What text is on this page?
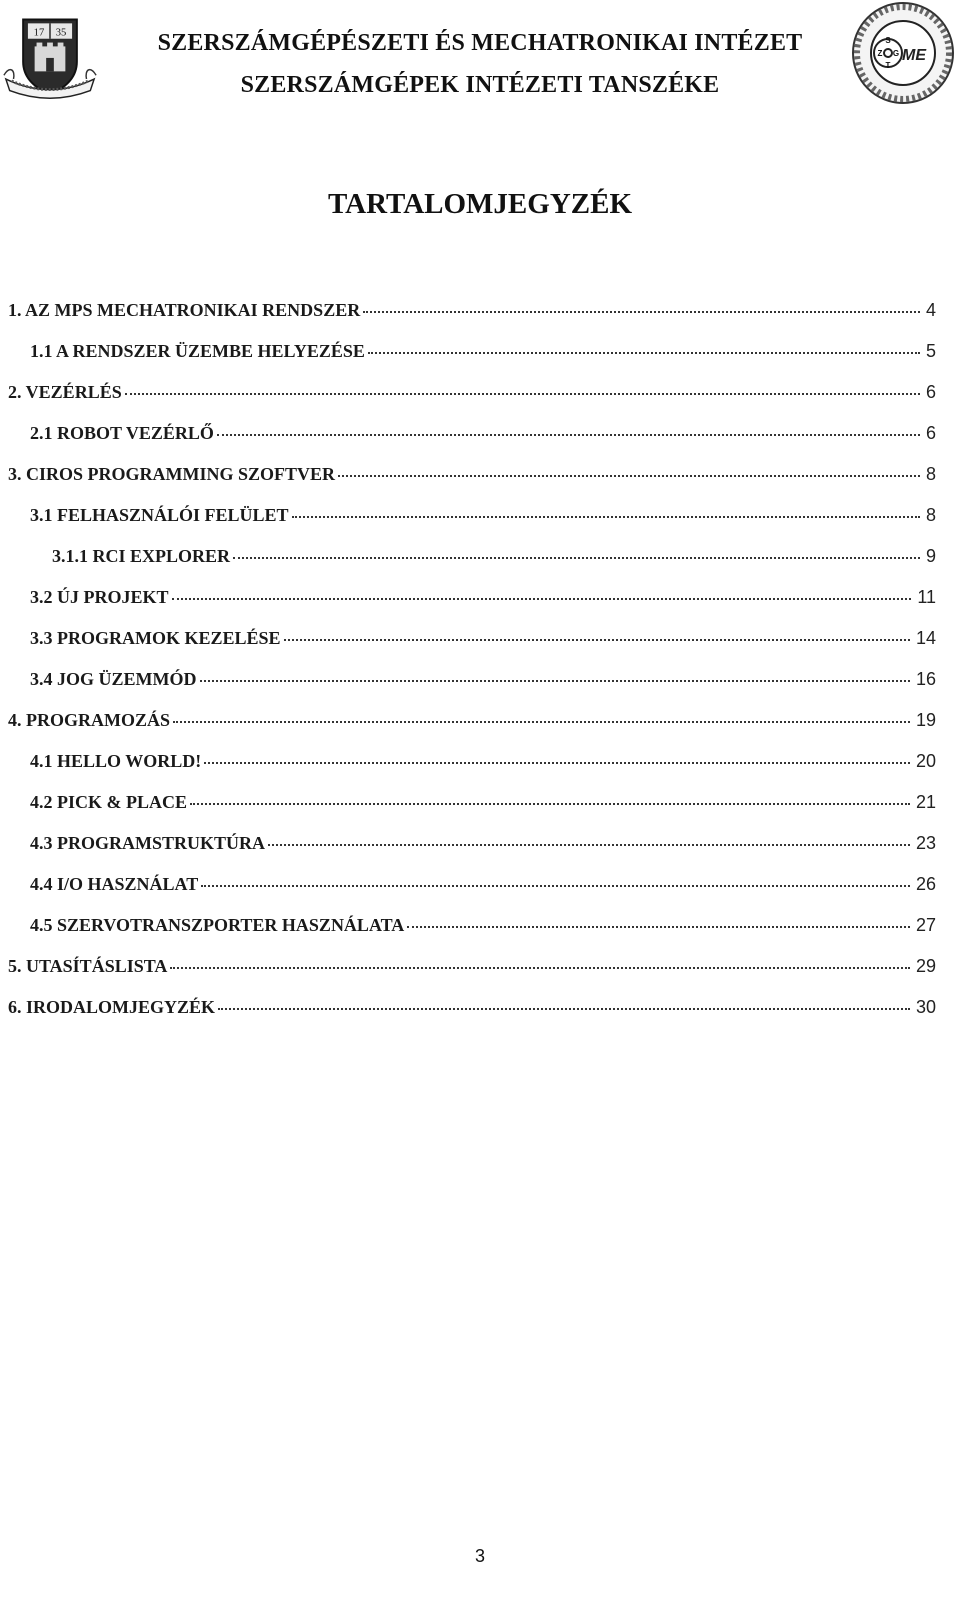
17 35
S
Z G
T
ME
SZERSZÁMGÉPÉSZETI ÉS MECHATRONIKAI INTÉZET
SZERSZÁMGÉPEK INTÉZETI TANSZÉKE
TARTALOMJEGYZÉK
1. AZ MPS MECHATRONIKAI RENDSZER	4
1.1 A RENDSZER ÜZEMBE HELYEZÉSE	5
2. VEZÉRLÉS	6
2.1 ROBOT VEZÉRLŐ	6
3. CIROS PROGRAMMING SZOFTVER	8
3.1 FELHASZNÁLÓI FELÜLET	8
3.1.1 RCI EXPLORER	9
3.2 ÚJ PROJEKT	11
3.3 PROGRAMOK KEZELÉSE	14
3.4 JOG ÜZEMMÓD	16
4. PROGRAMOZÁS	19
4.1 HELLO WORLD!	20
4.2 PICK & PLACE	21
4.3 PROGRAMSTRUKTÚRA	23
4.4 I/O HASZNÁLAT	26
4.5 SZERVOTRANSZPORTER HASZNÁLATA	27
5. UTASÍTÁSLISTA	29
6. IRODALOMJEGYZÉK	30
3
